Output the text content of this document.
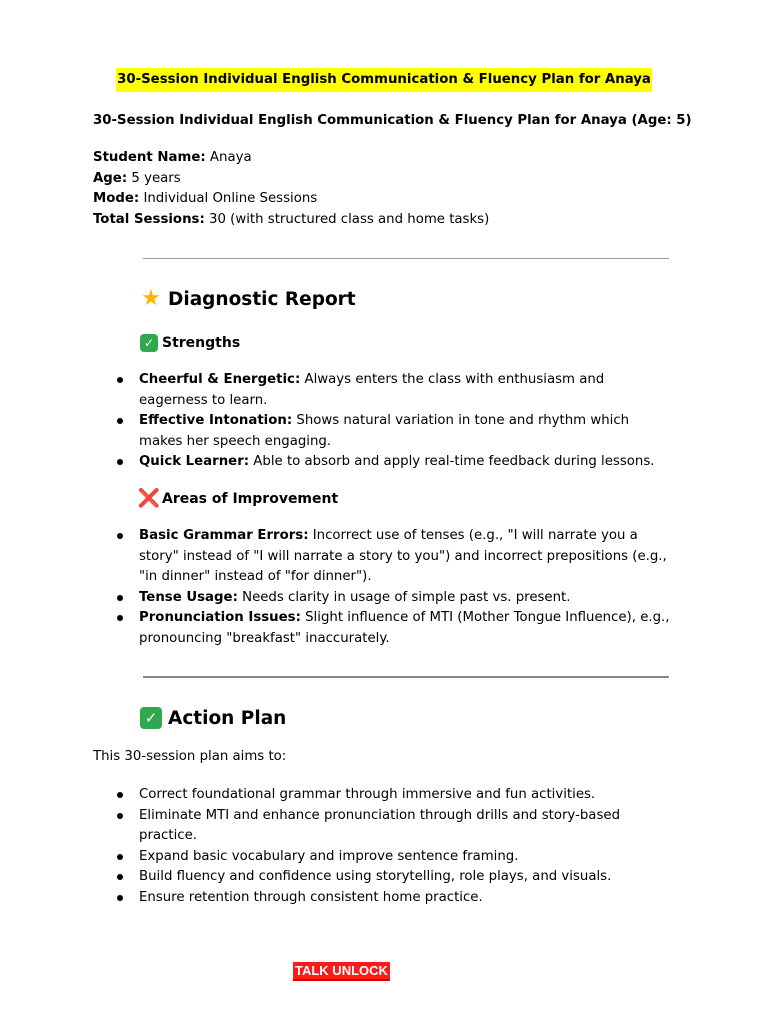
30-Session Individual English Communication & Fluency Plan for Anaya
30-Session Individual English Communication & Fluency Plan for Anaya (Age: 5)
Student Name: Anaya
Age: 5 years
Mode: Individual Online Sessions
Total Sessions: 30 (with structured class and home tasks)
★ Diagnostic Report
✓ Strengths
Cheerful & Energetic: Always enters the class with enthusiasm and eagerness to learn.
Effective Intonation: Shows natural variation in tone and rhythm which makes her speech engaging.
Quick Learner: Able to absorb and apply real-time feedback during lessons.
❌ Areas of Improvement
Basic Grammar Errors: Incorrect use of tenses (e.g., "I will narrate you a story" instead of "I will narrate a story to you") and incorrect prepositions (e.g., "in dinner" instead of "for dinner").
Tense Usage: Needs clarity in usage of simple past vs. present.
Pronunciation Issues: Slight influence of MTI (Mother Tongue Influence), e.g., pronouncing "breakfast" inaccurately.
✓ Action Plan
This 30-session plan aims to:
Correct foundational grammar through immersive and fun activities.
Eliminate MTI and enhance pronunciation through drills and story-based practice.
Expand basic vocabulary and improve sentence framing.
Build fluency and confidence using storytelling, role plays, and visuals.
Ensure retention through consistent home practice.
TALK UNLOCK
